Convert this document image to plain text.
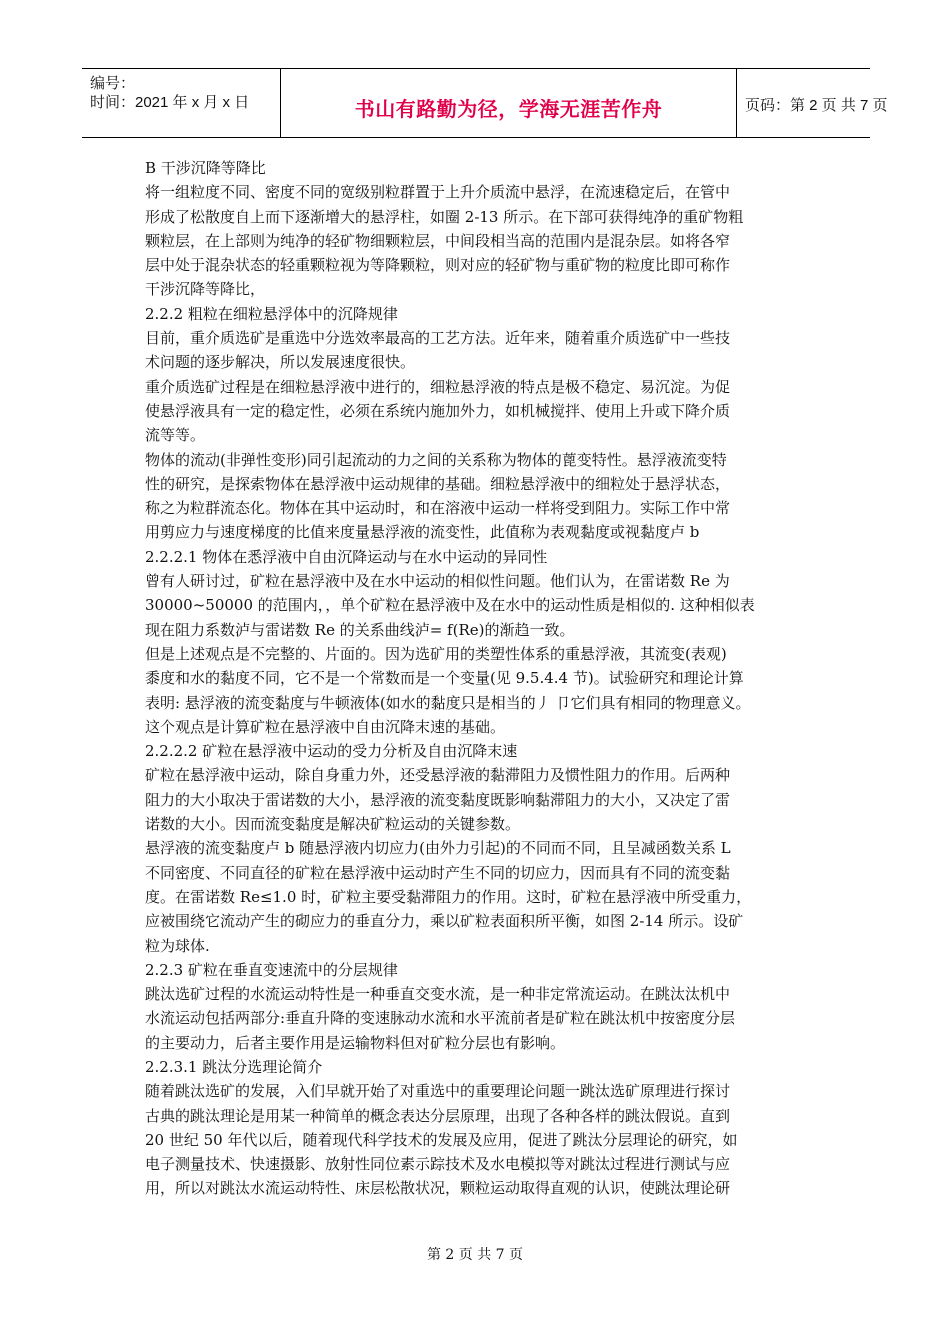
编号：
时间：2021 年 x 月 x 日	书山有路勤为径，学海无涯苦作舟	页码：第 2 页 共 7 页
B 干涉沉降等降比
将一组粒度不同、密度不同的宽级别粒群置于上升介质流中悬浮，在流速稳定后，在管中
形成了松散度自上而下逐渐增大的悬浮柱，如圈 2-13 所示。在下部可获得纯净的重矿物粗
颗粒层，在上部则为纯净的轻矿物细颗粒层，中间段相当高的范围内是混杂层。如将各窄
层中处于混杂状态的轻重颗粒视为等降颗粒，则对应的轻矿物与重矿物的粒度比即可称作
干涉沉降等降比，
2.2.2 粗粒在细粒悬浮体中的沉降规律
目前，重介质选矿是重选中分选效率最高的工艺方法。近年来，随着重介质选矿中一些技
术问题的逐步解决，所以发展速度很快。
重介质选矿过程是在细粒悬浮液中进行的，细粒悬浮液的特点是极不稳定、易沉淀。为促
使悬浮液具有一定的稳定性，必须在系统内施加外力，如机械搅拌、使用上升或下降介质
流等等。
物体的流动(非弹性变形)同引起流动的力之间的关系称为物体的蓖变特性。悬浮液流变特
性的研究，是探索物体在悬浮液中运动规律的基础。细粒悬浮液中的细粒处于悬浮状态，
称之为粒群流态化。物体在其中运动时，和在溶液中运动一样将受到阻力。实际工作中常
用剪应力与速度梯度的比值来度量悬浮液的流变性，此值称为表观黏度或视黏度卢 b
2.2.2.1 物体在悉浮液中自由沉降运动与在水中运动的异同性
曾有人研讨过，矿粒在悬浮液中及在水中运动的相似性问题。他们认为，在雷诺数 Re 为
30000~50000 的范围内，，单个矿粒在悬浮液中及在水中的运动性质是相似的. 这种相似表
现在阻力系数泸与雷诺数 Re 的关系曲线泸= f(Re)的渐趋一致。
但是上述观点是不完整的、片面的。因为选矿用的类塑性体系的重悬浮液，其流变(表观)
黍度和水的黏度不同，它不是一个常数而是一个变量(见 9.5.4.4 节)。试验研究和理论计算
表明: 悬浮液的流变黏度与牛顿液体(如水的黏度只是相当的丿 卩它们具有相同的物理意义。
这个观点是计算矿粒在悬浮液中自由沉降末速的基础。
2.2.2.2 矿粒在悬浮液中运动的受力分析及自由沉降末速
矿粒在悬浮液中运动，除自身重力外，还受悬浮液的黏滞阻力及惯性阻力的作用。后两种
阻力的大小取决于雷诺数的大小，悬浮液的流变黏度既影响黏滞阻力的大小，又决定了雷
诺数的大小。因而流变黏度是解决矿粒运动的关键参数。
悬浮液的流变黏度卢 b 随悬浮液内切应力(由外力引起)的不同而不同，且呈减函数关系 L
不同密度、不同直径的矿粒在悬浮液中运动时产生不同的切应力，因而具有不同的流变黏
度。在雷诺数 Re≤1.0 时，矿粒主要受黏滞阻力的作用。这时，矿粒在悬浮液中所受重力，
应被围绕它流动产生的砌应力的垂直分力，乘以矿粒表面积所平衡，如图 2-14 所示。设矿
粒为球体.
2.2.3 矿粒在垂直变速流中的分层规律
跳汰选矿过程的水流运动特性是一种垂直交变水流，是一种非定常流运动。在跳汰汰机中
水流运动包括两部分:垂直升降的变速脉动水流和水平流前者是矿粒在跳汰机中按密度分层
的主要动力，后者主要作用是运输物料但对矿粒分层也有影响。
2.2.3.1 跳汰分选理论简介
随着跳汰选矿的发展，入们早就开始了对重选中的重要理论问题一跳汰选矿原理进行探讨
古典的跳汰理论是用某一种简单的概念表达分层原理，出现了各种各样的跳汰假说。直到
20 世纪 50 年代以后，随着现代科学技术的发展及应用，促进了跳汰分层理论的研究，如
电子测量技术、快速摄影、放射性同位素示踪技术及水电模拟等对跳汰过程进行测试与应
用，所以对跳汰水流运动特性、床层松散状况，颗粒运动取得直观的认识，使跳汰理论研
第 2 页 共 7 页
